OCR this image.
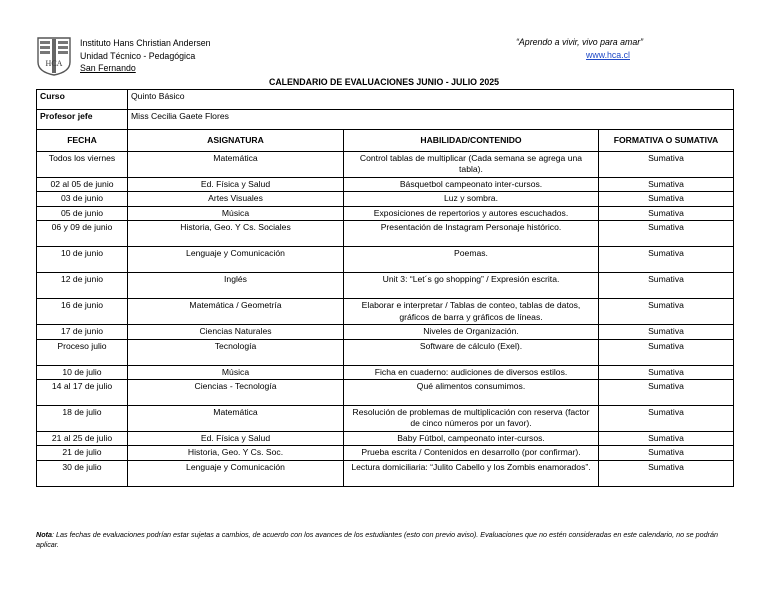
HCA
Instituto Hans Christian Andersen
Unidad Técnico - Pedagógica
San Fernando
“Aprendo a vivir, vivo para amar”
www.hca.cl
CALENDARIO DE EVALUACIONES JUNIO - JULIO 2025
Curso	Quinto Básico		
Profesor jefe	Miss Cecilia Gaete Flores		
FECHA	ASIGNATURA	HABILIDAD/CONTENIDO	FORMATIVA O SUMATIVA
Todos los viernes	Matemática	Control tablas de multiplicar (Cada semana se agrega una tabla).	Sumativa
02 al 05 de junio	Ed. Física y Salud	Básquetbol campeonato inter-cursos.	Sumativa
03 de junio	Artes Visuales	Luz y sombra.	Sumativa
05 de junio	Música	Exposiciones de repertorios y autores escuchados.	Sumativa
06 y 09 de junio	Historia, Geo. Y Cs. Sociales	Presentación de Instagram Personaje histórico.	Sumativa
10 de junio	Lenguaje y Comunicación	Poemas.	Sumativa
12 de junio	Inglés	Unit 3: “Let´s go shopping” / Expresión escrita.	Sumativa
16 de junio	Matemática / Geometría	Elaborar e interpretar / Tablas de conteo, tablas de datos, gráficos de barra y gráficos de líneas.	Sumativa
17 de junio	Ciencias Naturales	Niveles de Organización.	Sumativa
Proceso julio	Tecnología	Software de cálculo (Exel).	Sumativa
10 de julio	Música	Ficha en cuaderno: audiciones de diversos estilos.	Sumativa
14 al 17 de julio	Ciencias - Tecnología	Qué alimentos consumimos.	Sumativa
18 de julio	Matemática	Resolución de problemas de multiplicación con reserva (factor de cinco números por un favor).	Sumativa
21 al 25 de julio	Ed. Física y Salud	Baby Fútbol, campeonato inter-cursos.	Sumativa
21 de julio	Historia, Geo. Y Cs. Soc.	Prueba escrita / Contenidos en desarrollo (por confirmar).	Sumativa
30 de julio	Lenguaje y Comunicación	Lectura domiciliaria: “Julito Cabello y los Zombis enamorados”.	Sumativa
Nota: Las fechas de evaluaciones podrían estar sujetas a cambios, de acuerdo con los avances de los estudiantes (esto con previo aviso). Evaluaciones que no estén consideradas en este calendario, no se podrán aplicar.
